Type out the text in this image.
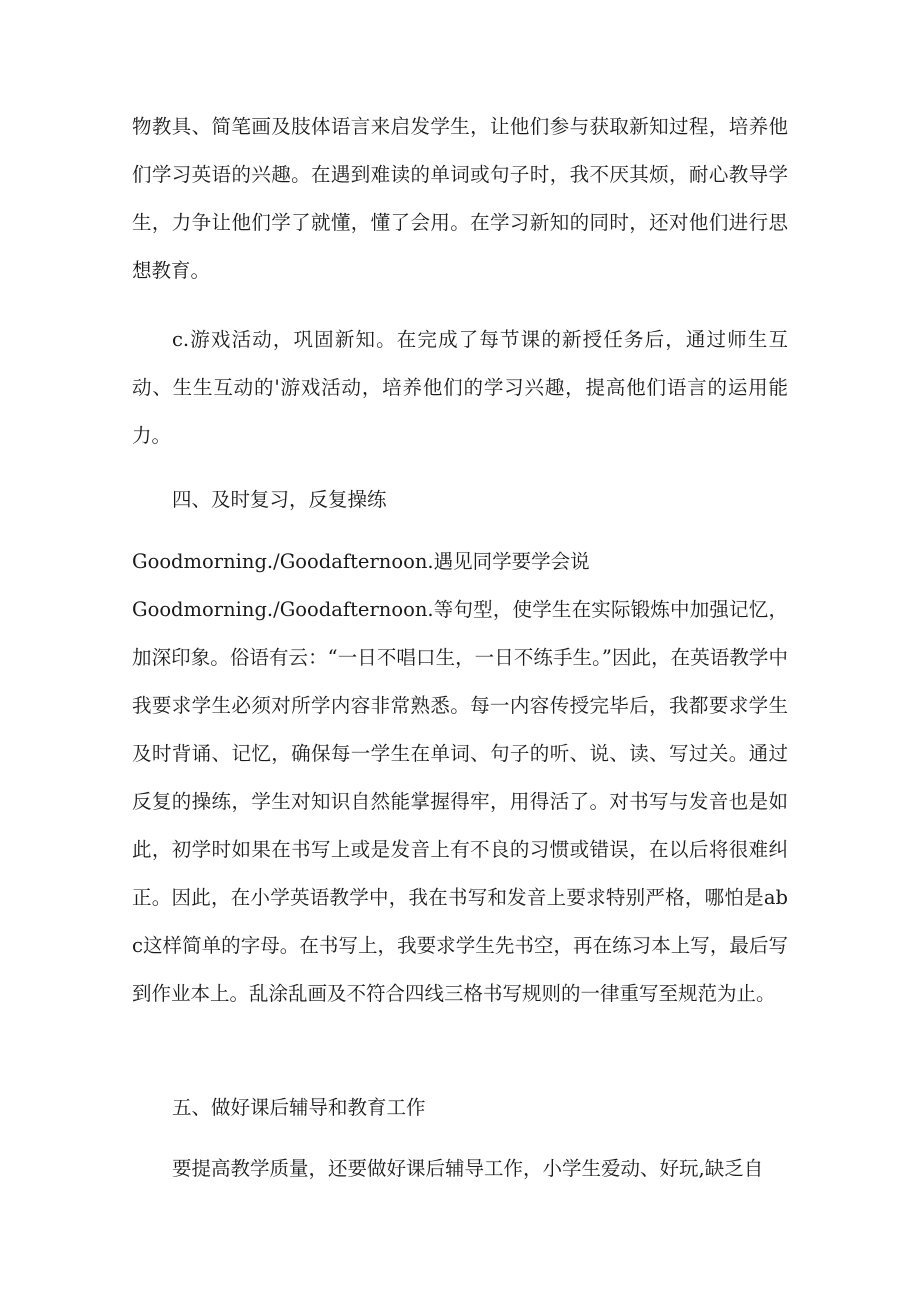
物教具、简笔画及肢体语言来启发学生，让他们参与获取新知过程，培养他们学习英语的兴趣。在遇到难读的单词或句子时，我不厌其烦，耐心教导学生，力争让他们学了就懂，懂了会用。在学习新知的同时，还对他们进行思想教育。

c.游戏活动，巩固新知。在完成了每节课的新授任务后，通过师生互动、生生互动的'游戏活动，培养他们的学习兴趣，提高他们语言的运用能力。

四、及时复习，反复操练

Goodmorning./Goodafternoon.遇见同学要学会说

Goodmorning./Goodafternoon.等句型，使学生在实际锻炼中加强记忆，加深印象。俗语有云：“一日不唱口生，一日不练手生。”因此，在英语教学中我要求学生必须对所学内容非常熟悉。每一内容传授完毕后，我都要求学生及时背诵、记忆，确保每一学生在单词、句子的听、说、读、写过关。通过反复的操练，学生对知识自然能掌握得牢，用得活了。对书写与发音也是如此，初学时如果在书写上或是发音上有不良的习惯或错误，在以后将很难纠正。因此，在小学英语教学中，我在书写和发音上要求特别严格，哪怕是abc这样简单的字母。在书写上，我要求学生先书空，再在练习本上写，最后写到作业本上。乱涂乱画及不符合四线三格书写规则的一律重写至规范为止。

五、做好课后辅导和教育工作

要提高教学质量，还要做好课后辅导工作，小学生爱动、好玩,缺乏自
